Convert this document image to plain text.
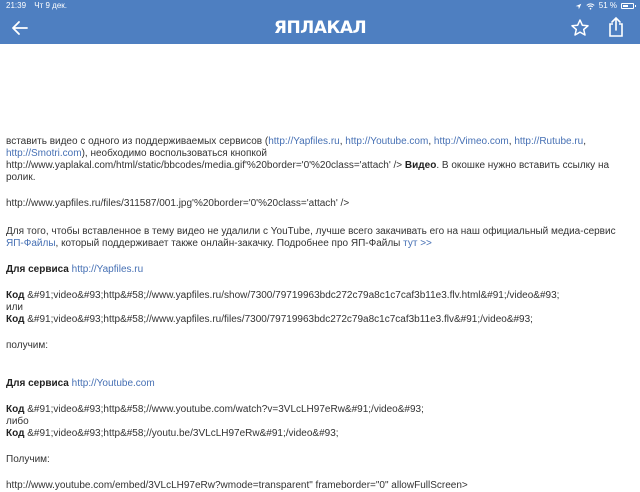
21:39 Чт 9 дек.	51 %
ЯПЛАКАЛ

вставить видео с одного из поддерживаемых сервисов (http://Yapfiles.ru, http://Youtube.com, http://Vimeo.com, http://Rutube.ru, http://Smotri.com), необходимо воспользоваться кнопкой http://www.yaplakal.com/html/static/bbcodes/media.gif'%20border='0'%20class='attach' /> Видео. В окошке нужно вставить ссылку на ролик.

http://www.yapfiles.ru/files/311587/001.jpg'%20border='0'%20class='attach' />

Для того, чтобы вставленное в тему видео не удалили с YouTube, лучше всего закачивать его на наш официальный медиа-сервис ЯП-Файлы, который поддерживает также онлайн-закачку. Подробнее про ЯП-Файлы тут >>

Для сервиса http://Yapfiles.ru

Код &#91;video&#93;http&#58;//www.yapfiles.ru/show/7300/79719963bdc272c79a8c1c7caf3b11e3.flv.html&#91;/video&#93;

или

Код &#91;video&#93;http&#58;//www.yapfiles.ru/files/7300/79719963bdc272c79a8c1c7caf3b11e3.flv&#91;/video&#93;

получим:

Для сервиса http://Youtube.com

Код &#91;video&#93;http&#58;//www.youtube.com/watch?v=3VLcLH97eRw&#91;/video&#93;

либо

Код &#91;video&#93;http&#58;//youtu.be/3VLcLH97eRw&#91;/video&#93;

Получим:

http://www.youtube.com/embed/3VLcLH97eRw?wmode=transparent" frameborder="0" allowFullScreen>
